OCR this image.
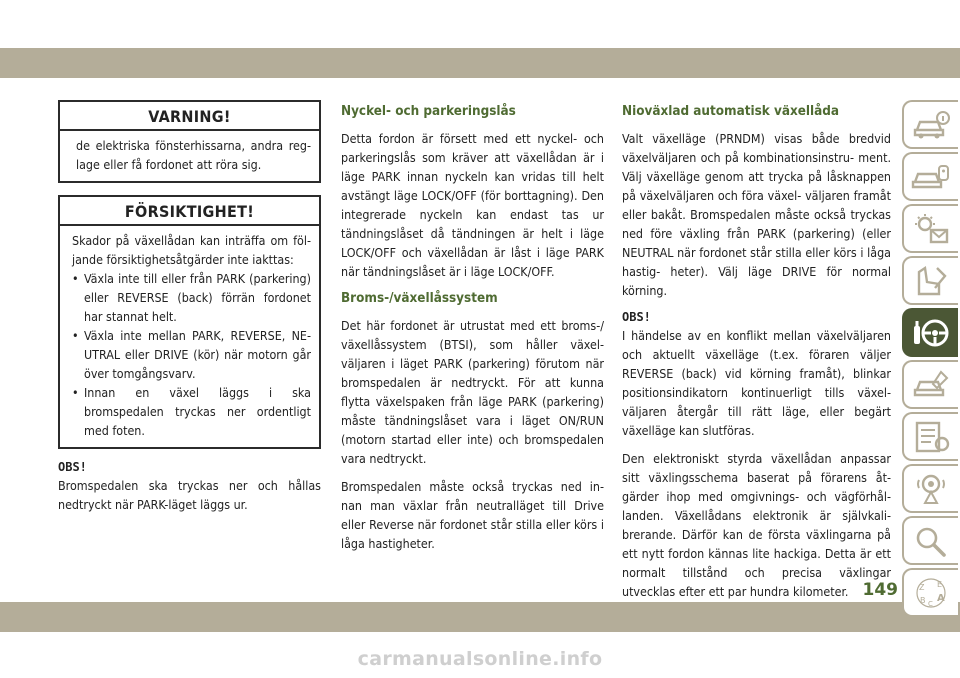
VARNING!
de elektriska fönsterhissarna, andra reg- lage eller få fordonet att röra sig.
FÖRSIKTIGHET!
Skador på växellådan kan inträffa om föl- jande försiktighetsåtgärder inte iakttas:
• Växla inte till eller från PARK (parkering) eller REVERSE (back) förrän fordonet har stannat helt.
• Växla inte mellan PARK, REVERSE, NE- UTRAL eller DRIVE (kör) när motorn går över tomgångsvarv.
• Innan en växel läggs i ska bromspedalen tryckas ner ordentligt med foten.
OBS!

Bromspedalen ska tryckas ner och hållas nedtryckt när PARK-läget läggs ur.

Nyckel- och parkeringslås

Detta fordon är försett med ett nyckel- och parkeringslås som kräver att växellådan är i läge PARK innan nyckeln kan vridas till helt avstängt läge LOCK/OFF (för borttagning). Den integrerade nyckeln kan endast tas ur tändningslåset då tändningen är helt i läge LOCK/OFF och växellådan är låst i läge PARK när tändningslåset är i läge LOCK/OFF.

Broms-/växellåssystem

Det här fordonet är utrustat med ett broms-/ växellåssystem (BTSI), som håller växel- väljaren i läget PARK (parkering) förutom när bromspedalen är nedtryckt. För att kunna flytta växelspaken från läge PARK (parkering) måste tändningslåset vara i läget ON/RUN (motorn startad eller inte) och bromspedalen vara nedtryckt.

Bromspedalen måste också tryckas ned in- nan man växlar från neutralläget till Drive eller Reverse när fordonet står stilla eller körs i låga hastigheter.

Nioväxlad automatisk växellåda

Valt växelläge (PRNDM) visas både bredvid växelväljaren och på kombinationsinstru- ment. Välj växelläge genom att trycka på låsknappen på växelväljaren och föra växel- väljaren framåt eller bakåt. Bromspedalen måste också tryckas ned före växling från PARK (parkering) (eller NEUTRAL när fordonet står stilla eller körs i låga hastig- heter). Välj läge DRIVE för normal körning.

OBS!

I händelse av en konflikt mellan växelväljaren och aktuellt växelläge (t.ex. föraren väljer REVERSE (back) vid körning framåt), blinkar positionsindikatorn kontinuerligt tills växel- väljaren återgår till rätt läge, eller begärt växelläge kan slutföras.

Den elektroniskt styrda växellådan anpassar sitt växlingsschema baserat på förarens åt- gärder ihop med omgivnings- och vägförhål- landen. Växellådans elektronik är självkali- brerande. Därför kan de första växlingarna på ett nytt fordon kännas lite hackiga. Detta är ett normalt tillstånd och precisa växlingar utvecklas efter ett par hundra kilometer.	Z E
B C A
149
carmanualsonline.info
